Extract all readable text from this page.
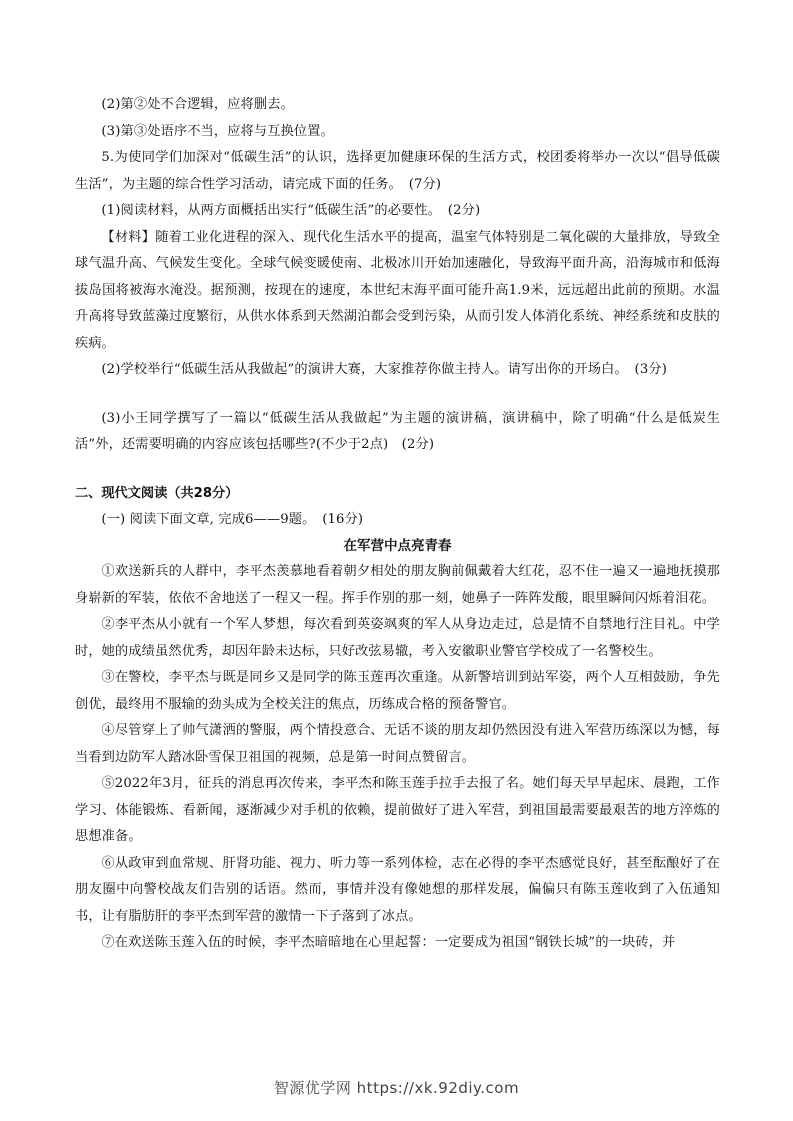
(2)第②处不合逻辑，应将删去。

(3)第③处语序不当，应将与互换位置。

5.为使同学们加深对“低碳生活”的认识，选择更加健康环保的生活方式，校团委将举办一次以“倡导低碳生活”，为主题的综合性学习活动，请完成下面的任务。　(7分)

(1)阅读材料，从两方面概括出实行“低碳生活”的必要性。　(2分)

【材料】随着工业化进程的深入、现代化生活水平的提高，温室气体特别是二氧化碳的大量排放，导致全球气温升高、气候发生变化。全球气候变暖使南、北极冰川开始加速融化，导致海平面升高，沿海城市和低海拔岛国将被海水淹没。据预测，按现在的速度，本世纪末海平面可能升高1.9米，远远超出此前的预期。水温升高将导致蓝藻过度繁衍，从供水体系到天然湖泊都会受到污染，从而引发人体消化系统、神经系统和皮肤的疾病。

(2)学校举行“低碳生活从我做起”的演讲大赛，大家推荐你做主持人。请写出你的开场白。　(3分)

(3)小王同学撰写了一篇以“低碳生活从我做起”为主题的演讲稿，演讲稿中，除了明确“什么是低炭生活”外，还需要明确的内容应该包括哪些?(不少于2点)　(2分)

二、现代文阅读（共28分）

(一) 阅读下面文章, 完成6——9题。　(16分)

在军营中点亮青春

①欢送新兵的人群中，李平杰羡慕地看着朝夕相处的朋友胸前佩戴着大红花，忍不住一遍又一遍地抚摸那身崭新的军装，依依不舍地送了一程又一程。挥手作别的那一刻，她鼻子一阵阵发酸，眼里瞬间闪烁着泪花。

②李平杰从小就有一个军人梦想，每次看到英姿飒爽的军人从身边走过，总是情不自禁地行注目礼。中学时，她的成绩虽然优秀，却因年龄未达标，只好改弦易辙，考入安徽职业警官学校成了一名警校生。

③在警校，李平杰与既是同乡又是同学的陈玉莲再次重逢。从新警培训到站军姿，两个人互相鼓励，争先创优，最终用不服输的劲头成为全校关注的焦点，历练成合格的预备警官。

④尽管穿上了帅气潇洒的警服，两个情投意合、无话不谈的朋友却仍然因没有进入军营历练深以为憾，每当看到边防军人踏冰卧雪保卫祖国的视频，总是第一时间点赞留言。

⑤2022年3月，征兵的消息再次传来，李平杰和陈玉莲手拉手去报了名。她们每天早早起床、晨跑，工作学习、体能锻炼、看新闻，逐渐减少对手机的依赖，提前做好了进入军营，到祖国最需要最艰苦的地方淬炼的思想准备。

⑥从政审到血常规、肝肾功能、视力、听力等一系列体检，志在必得的李平杰感觉良好，甚至酝酿好了在朋友圈中向警校战友们告别的话语。然而，事情并没有像她想的那样发展，偏偏只有陈玉莲收到了入伍通知书，让有脂肪肝的李平杰到军营的激情一下子落到了冰点。

⑦在欢送陈玉莲入伍的时候，李平杰暗暗地在心里起誓：一定要成为祖国“钢铁长城”的一块砖，并

智源优学网 https://xk.92diy.com
